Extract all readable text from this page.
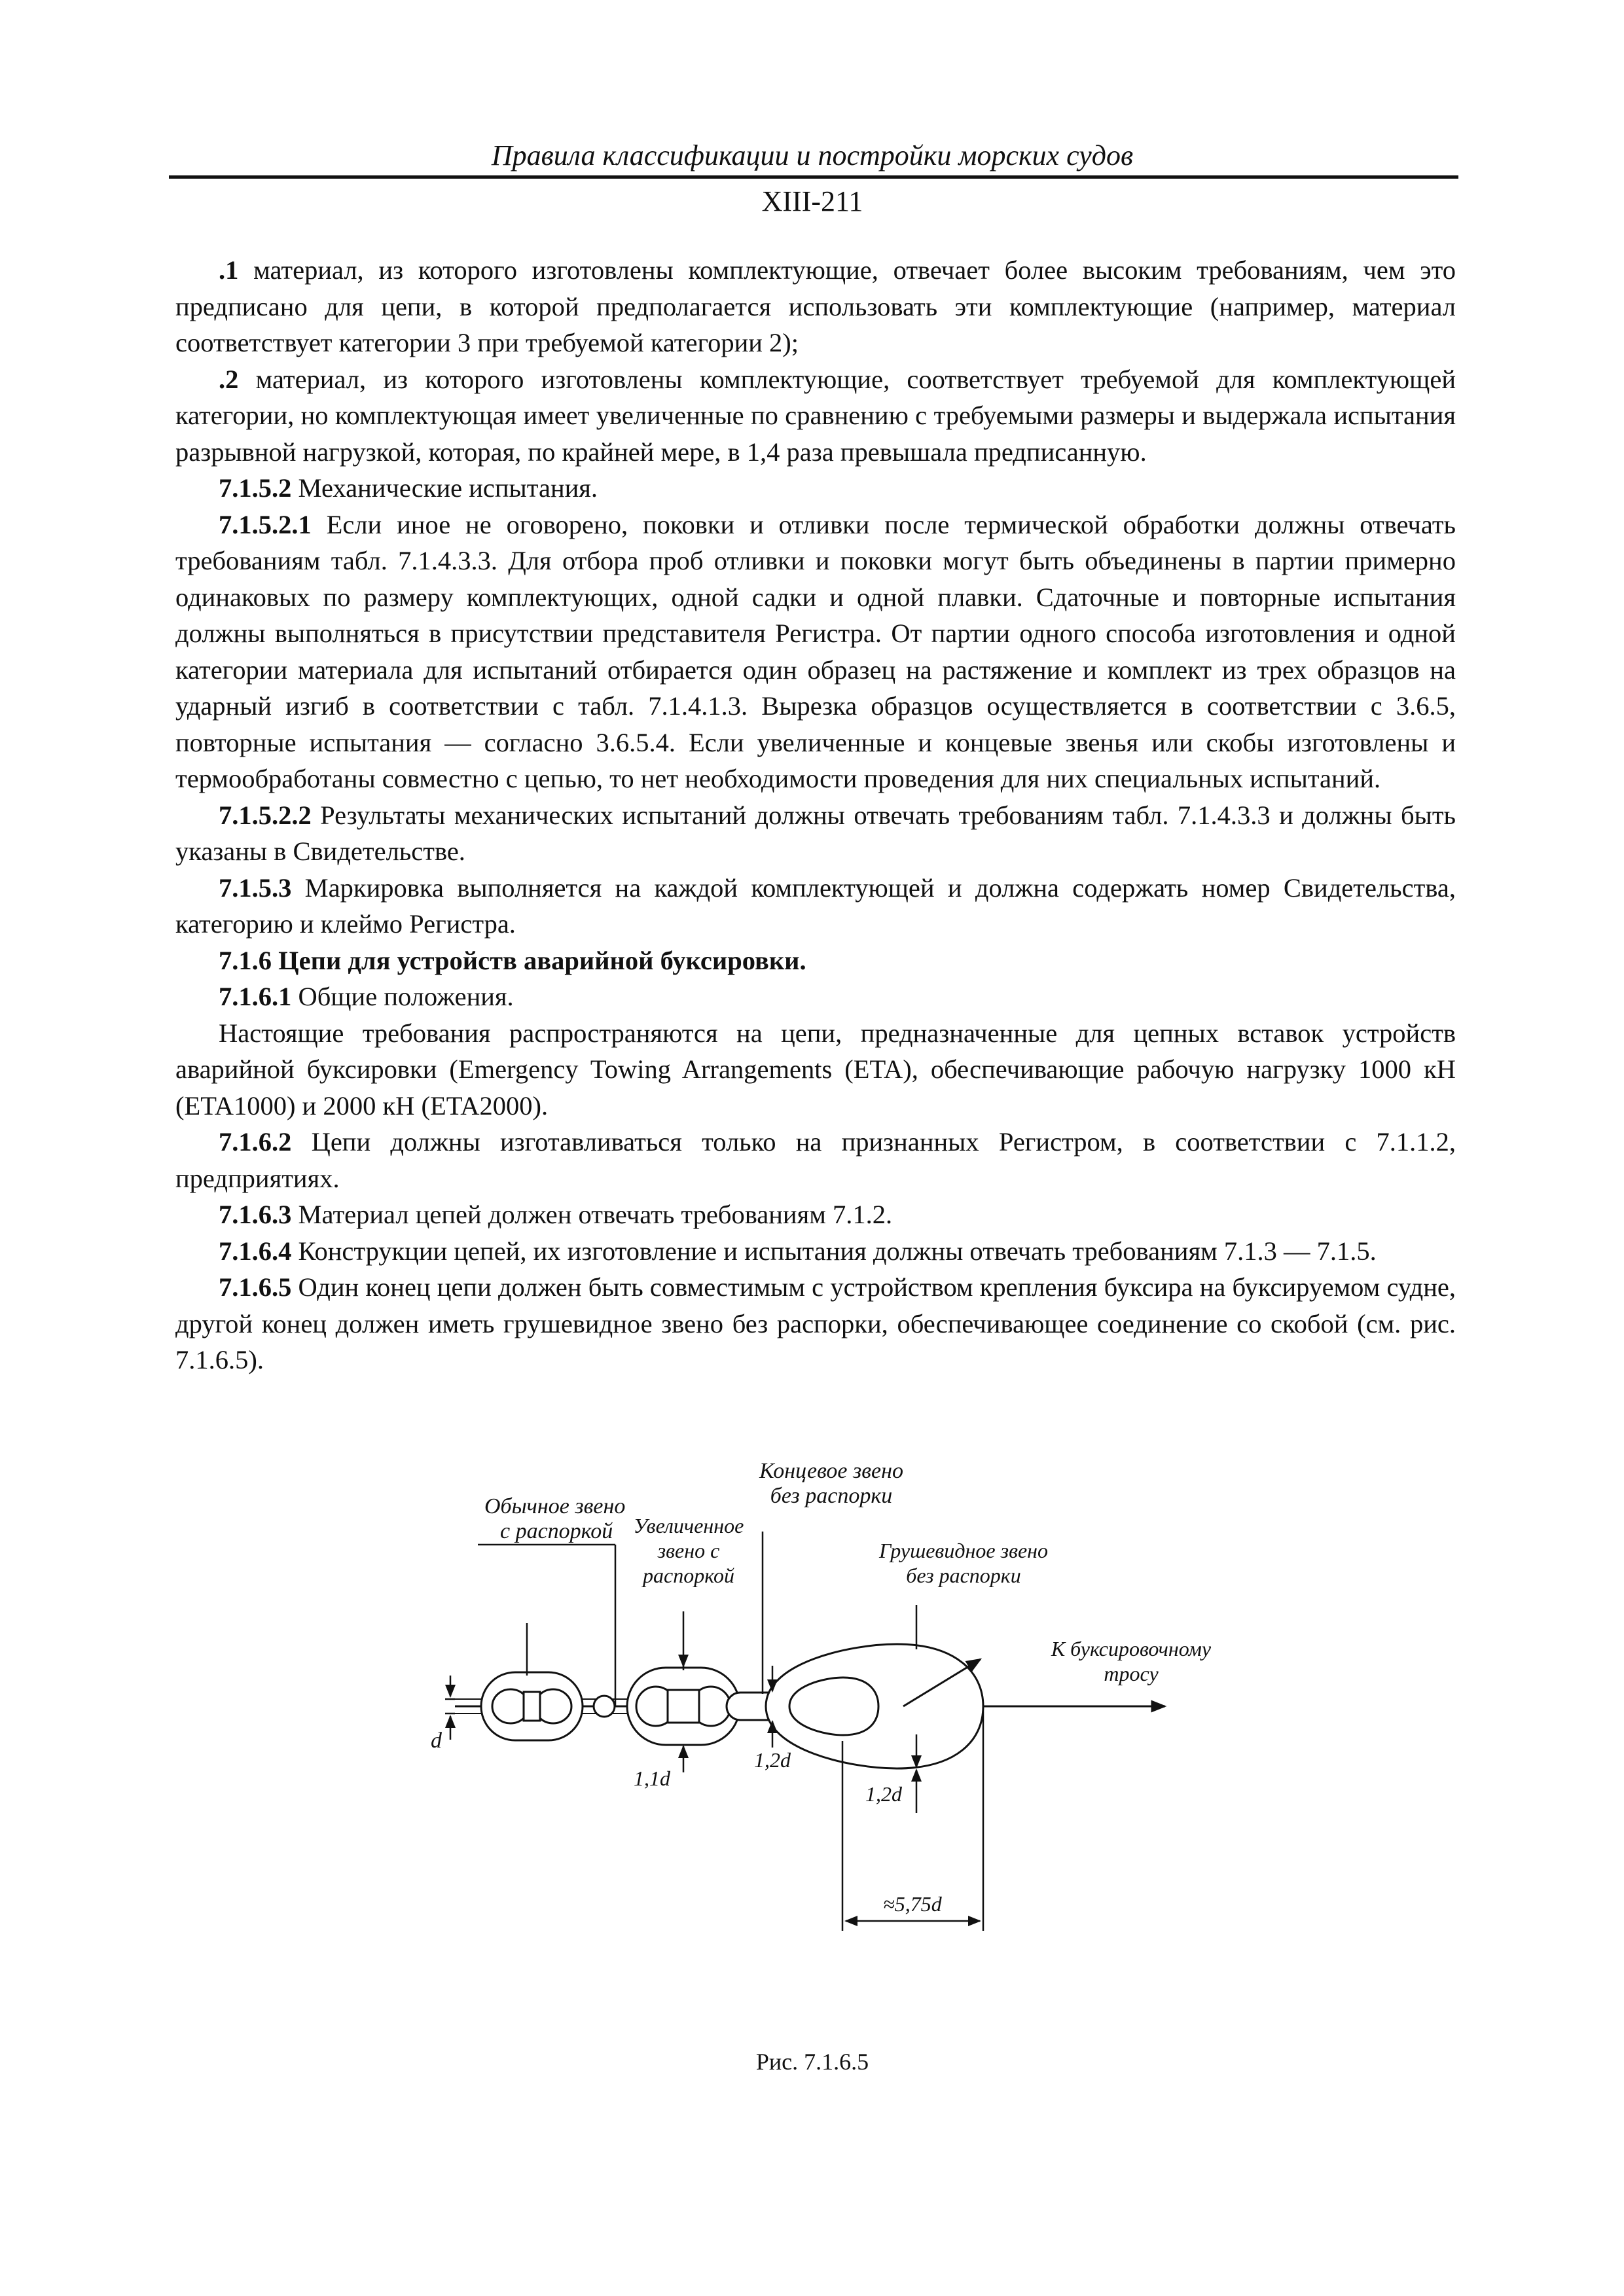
Правила классификации и постройки морских судов
XIII-211

.1 материал, из которого изготовлены комплектующие, отвечает более высоким требованиям, чем это предписано для цепи, в которой предполагается использовать эти комплектующие (например, материал соответствует категории 3 при требуемой категории 2);

.2 материал, из которого изготовлены комплектующие, соответствует требуемой для комплектующей категории, но комплектующая имеет увеличенные по сравнению с требуемыми размеры и выдержала испытания разрывной нагрузкой, которая, по крайней мере, в 1,4 раза превышала предписанную.

7.1.5.2 Механические испытания.

7.1.5.2.1 Если иное не оговорено, поковки и отливки после термической обработки должны отвечать требованиям табл. 7.1.4.3.3. Для отбора проб отливки и поковки могут быть объединены в партии примерно одинаковых по размеру комплектующих, одной садки и одной плавки. Сдаточные и повторные испытания должны выполняться в присутствии представителя Регистра. От партии одного способа изготовления и одной категории материала для испытаний отбирается один образец на растяжение и комплект из трех образцов на ударный изгиб в соответствии с табл. 7.1.4.1.3. Вырезка образцов осуществляется в соответствии с 3.6.5, повторные испытания — согласно 3.6.5.4. Если увеличенные и концевые звенья или скобы изготовлены и термообработаны совместно с цепью, то нет необходимости проведения для них специальных испытаний.

7.1.5.2.2 Результаты механических испытаний должны отвечать требованиям табл. 7.1.4.3.3 и должны быть указаны в Свидетельстве.

7.1.5.3 Маркировка выполняется на каждой комплектующей и должна содержать номер Свидетельства, категорию и клеймо Регистра.

7.1.6 Цепи для устройств аварийной буксировки.

7.1.6.1 Общие положения.

Настоящие требования распространяются на цепи, предназначенные для цепных вставок устройств аварийной буксировки (Emergency Towing Arrangements (ETA), обеспечивающие рабочую нагрузку 1000 кН (ETA1000) и 2000 кН (ETA2000).

7.1.6.2 Цепи должны изготавливаться только на признанных Регистром, в соответствии с 7.1.1.2, предприятиях.

7.1.6.3 Материал цепей должен отвечать требованиям 7.1.2.

7.1.6.4 Конструкции цепей, их изготовление и испытания должны отвечать требованиям 7.1.3 — 7.1.5.

7.1.6.5 Один конец цепи должен быть совместимым с устройством крепления буксира на буксируемом судне, другой конец должен иметь грушевидное звено без распорки, обеспечивающее соединение со скобой (см. рис. 7.1.6.5).

Обычное звено
с распоркой Увеличенное
звено с
распоркой
Концевое звено
без распорки
Грушевидное звено
без распорки
К буксировочному
тросу
d
1,1d
1,2d
1,2d
≈5,75d
Рис. 7.1.6.5
